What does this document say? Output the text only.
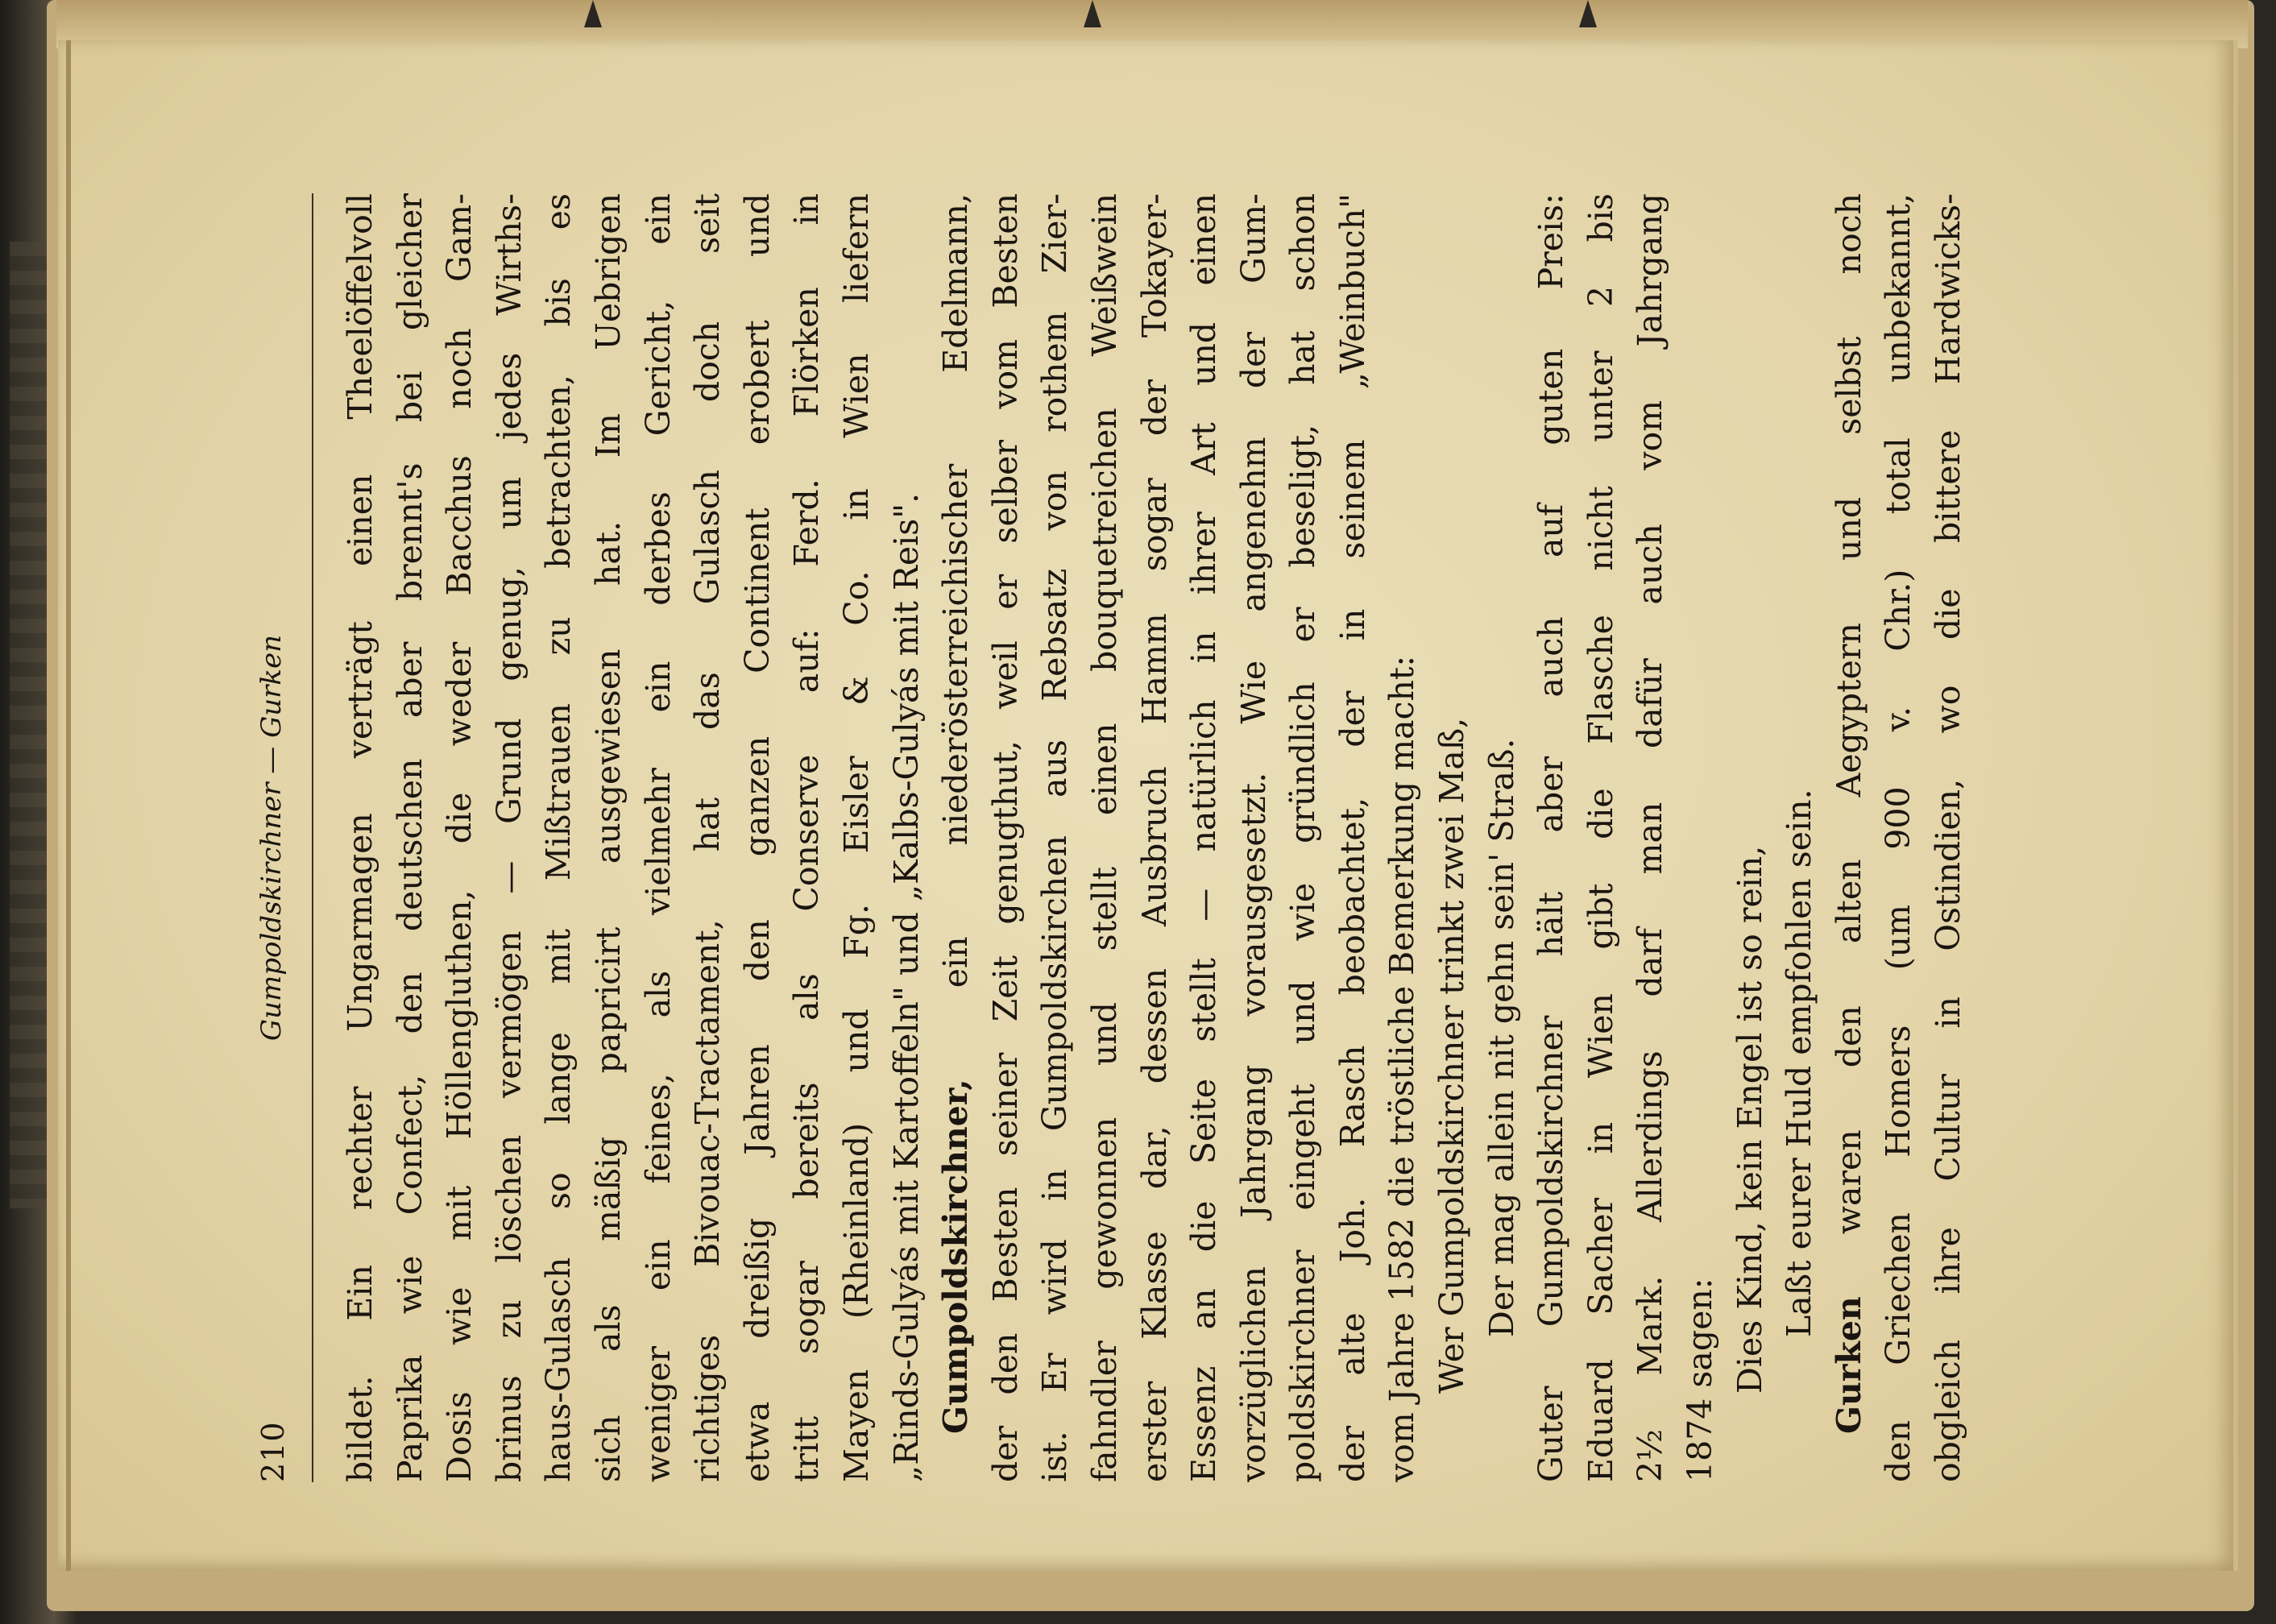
210
Gumpoldskirchner — Gurken bildet. Ein rechter Ungarmagen verträgt einen Theelöffelvoll Paprika wie Confect, den deutschen aber brennt's bei gleicher Dosis wie mit Höllengluthen, die weder Bacchus noch Gam- brinus zu löschen vermögen — Grund genug, um jedes Wirths- haus-Gulasch so lange mit Mißtrauen zu betrachten, bis es sich als mäßig papricirt ausgewiesen hat. Im Uebrigen weniger ein feines, als vielmehr ein derbes Gericht, ein richtiges Bivouac-Tractament, hat das Gulasch doch seit etwa dreißig Jahren den ganzen Continent erobert und tritt sogar bereits als Conserve auf: Ferd. Flörken in Mayen (Rheinland) und Fg. Eisler & Co. in Wien liefern „Rinds-Gulyás mit Kartoffeln" und „Kalbs-Gulyás mit Reis". Gumpoldskirchner, ein niederösterreichischer Edelmann, der den Besten seiner Zeit genugthut, weil er selber vom Besten ist. Er wird in Gumpoldskirchen aus Rebsatz von rothem Zier- fahndler gewonnen und stellt einen bouquetreichen Weißwein erster Klasse dar, dessen Ausbruch Hamm sogar der Tokayer- Essenz an die Seite stellt — natürlich in ihrer Art und einen vorzüglichen Jahrgang vorausgesetzt. Wie angenehm der Gum- poldskirchner eingeht und wie gründlich er beseligt, hat schon der alte Joh. Rasch beobachtet, der in seinem „Weinbuch" vom Jahre 1582 die tröstliche Bemerkung macht: Wer Gumpoldskirchner trinkt zwei Maß, Der mag allein nit gehn sein' Straß. Guter Gumpoldskirchner hält aber auch auf guten Preis: Eduard Sacher in Wien gibt die Flasche nicht unter 2 bis 2½ Mark. Allerdings darf man dafür auch vom Jahrgang 1874 sagen: Dies Kind, kein Engel ist so rein, Laßt eurer Huld empfohlen sein.
Gurken waren den alten Aegyptern und selbst noch den Griechen Homers (um 900 v. Chr.) total unbekannt, obgleich ihre Cultur in Ostindien, wo die bittere Hardwicks-
